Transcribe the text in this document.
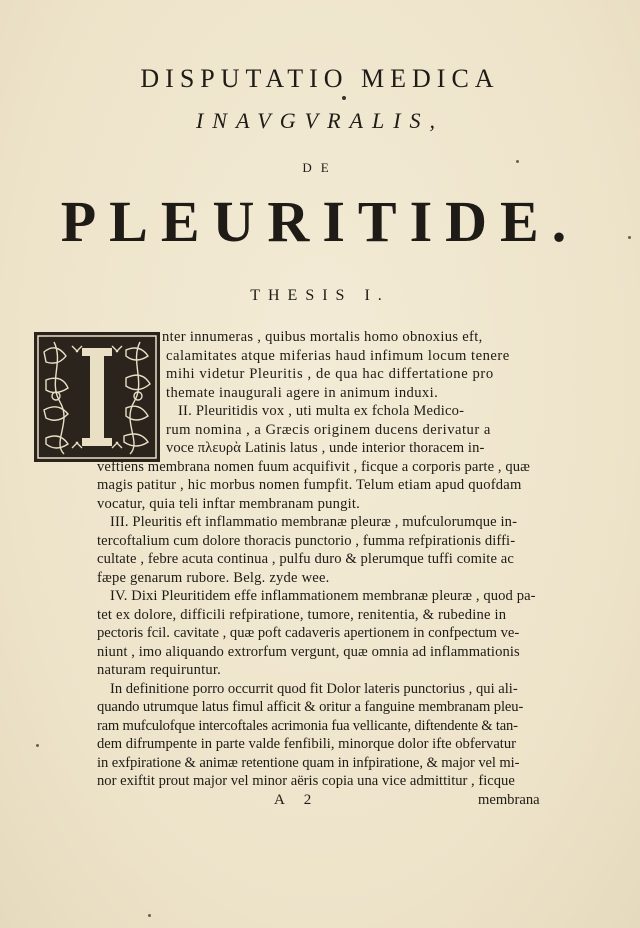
DISPUTATIO MEDICA
INAVGVRALIS,
DE
PLEURITIDE.
THESIS I.
I
nter innumeras , quibus mortalis homo obnoxius eft,
calamitates atque miferias haud infimum locum tenere
mihi videtur Pleuritis , de qua hac differtatione pro
themate inaugurali agere in animum induxi.
II. Pleuritidis vox , uti multa ex fchola Medico-
rum nomina , a Græcis originem ducens derivatur a
voce πλευρὰ Latinis latus , unde interior thoracem in-
veftiens membrana nomen fuum acquifivit , ficque a corporis parte , quæ
magis patitur , hic morbus nomen fumpfit. Telum etiam apud quofdam
vocatur, quia teli inftar membranam pungit.
III. Pleuritis eft inflammatio membranæ pleuræ , mufculorumque in-
tercoftalium cum dolore thoracis punctorio , fumma refpirationis diffi-
cultate , febre acuta continua , pulfu duro & plerumque tuffi comite ac
fæpe genarum rubore. Belg. zyde wee.
IV. Dixi Pleuritidem effe inflammationem membranæ pleuræ , quod pa-
tet ex dolore, difficili refpiratione, tumore, renitentia, & rubedine in
pectoris fcil. cavitate , quæ poft cadaveris apertionem in confpectum ve-
niunt , imo aliquando extrorfum vergunt, quæ omnia ad inflammationis
naturam requiruntur.
In definitione porro occurrit quod fit Dolor lateris punctorius , qui ali-
quando utrumque latus fimul afficit & oritur a fanguine membranam pleu-
ram mufculofque intercoftales acrimonia fua vellicante, diftendente & tan-
dem difrumpente in parte valde fenfibili, minorque dolor ifte obfervatur
in exfpiratione & animæ retentione quam in infpiratione, & major vel mi-
nor exiftit prout major vel minor aëris copia una vice admittitur , ficque
A 2	membrana
